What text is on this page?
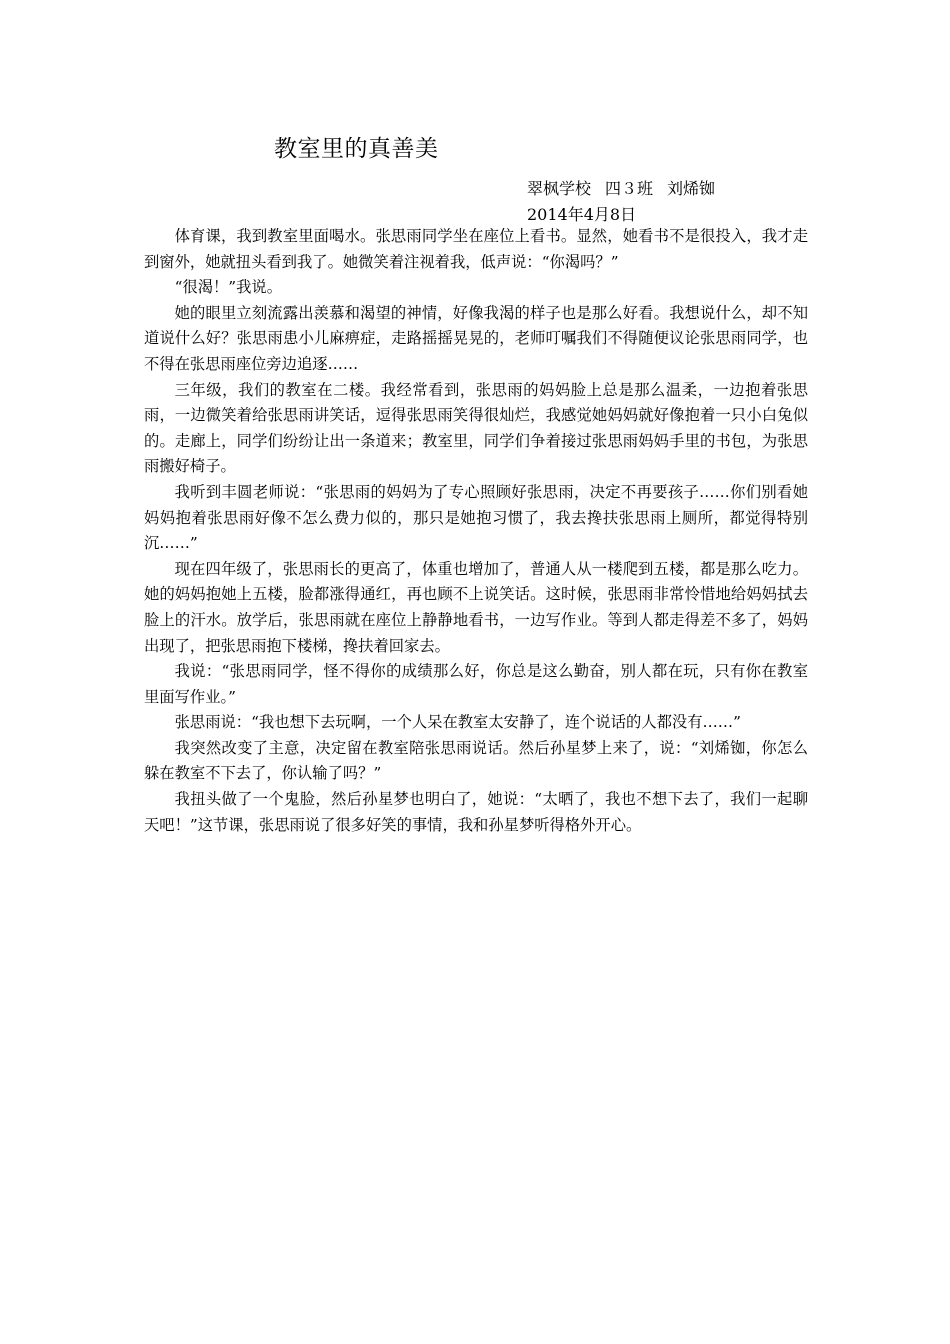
教室里的真善美
翠枫学校 四３班 刘烯铷
2014年4月8日

体育课，我到教室里面喝水。张思雨同学坐在座位上看书。显然，她看书不是很投入，我才走到窗外，她就扭头看到我了。她微笑着注视着我，低声说：“你渴吗？”

“很渴！”我说。

她的眼里立刻流露出羡慕和渴望的神情，好像我渴的样子也是那么好看。我想说什么，却不知道说什么好？张思雨患小儿麻痹症，走路摇摇晃晃的，老师叮嘱我们不得随便议论张思雨同学，也不得在张思雨座位旁边追逐……

三年级，我们的教室在二楼。我经常看到，张思雨的妈妈脸上总是那么温柔，一边抱着张思雨，一边微笑着给张思雨讲笑话，逗得张思雨笑得很灿烂，我感觉她妈妈就好像抱着一只小白兔似的。走廊上，同学们纷纷让出一条道来；教室里，同学们争着接过张思雨妈妈手里的书包，为张思雨搬好椅子。

我听到丰圆老师说：“张思雨的妈妈为了专心照顾好张思雨，决定不再要孩子……你们别看她妈妈抱着张思雨好像不怎么费力似的，那只是她抱习惯了，我去搀扶张思雨上厕所，都觉得特别沉……”

现在四年级了，张思雨长的更高了，体重也增加了，普通人从一楼爬到五楼，都是那么吃力。她的妈妈抱她上五楼，脸都涨得通红，再也顾不上说笑话。这时候，张思雨非常怜惜地给妈妈拭去脸上的汗水。放学后，张思雨就在座位上静静地看书，一边写作业。等到人都走得差不多了，妈妈出现了，把张思雨抱下楼梯，搀扶着回家去。

我说：“张思雨同学，怪不得你的成绩那么好，你总是这么勤奋，别人都在玩，只有你在教室里面写作业。”

张思雨说：“我也想下去玩啊，一个人呆在教室太安静了，连个说话的人都没有……”

我突然改变了主意，决定留在教室陪张思雨说话。然后孙星梦上来了，说：“刘烯铷，你怎么躲在教室不下去了，你认输了吗？”

我扭头做了一个鬼脸，然后孙星梦也明白了，她说：“太晒了，我也不想下去了，我们一起聊天吧！”这节课，张思雨说了很多好笑的事情，我和孙星梦听得格外开心。
